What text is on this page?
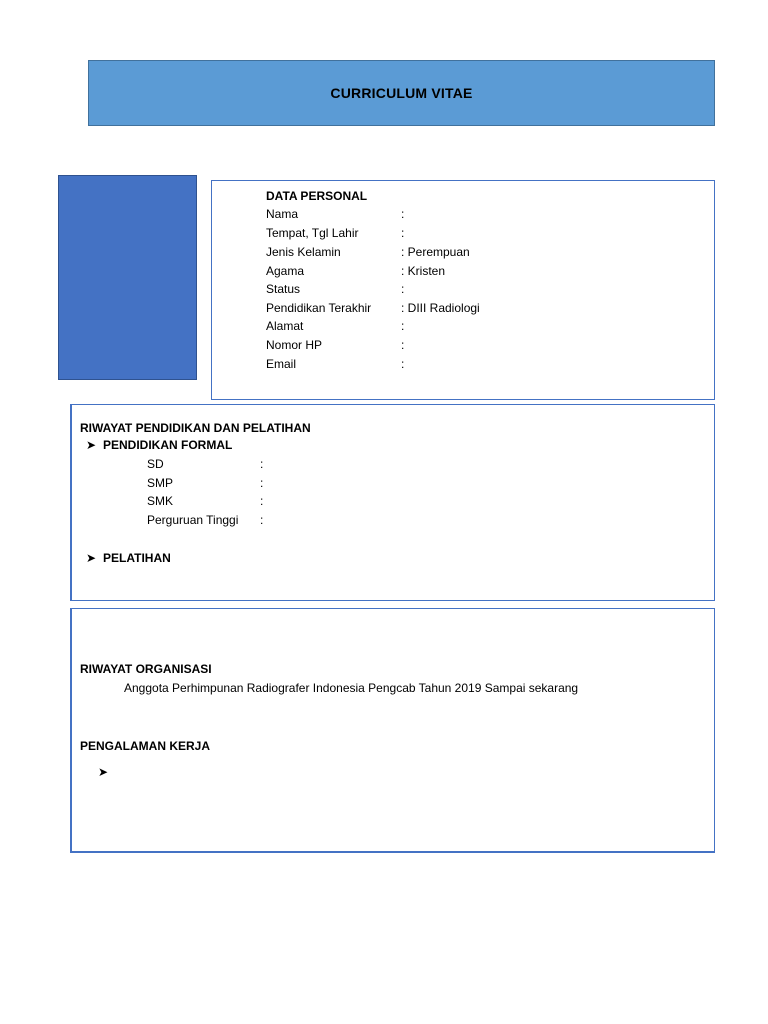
CURRICULUM VITAE
DATA PERSONAL
Nama	:
Tempat, Tgl Lahir	:
Jenis Kelamin	: Perempuan
Agama	: Kristen
Status	:
Pendidikan Terakhir : DIII Radiologi
Alamat	:
Nomor HP	:
Email	:
RIWAYAT PENDIDIKAN DAN PELATIHAN
➤ PENDIDIKAN FORMAL
SD	:
SMP	:
SMK	:
Perguruan Tinggi :
➤ PELATIHAN
RIWAYAT ORGANISASI
Anggota Perhimpunan Radiografer Indonesia Pengcab Tahun 2019 Sampai sekarang
PENGALAMAN KERJA
➤
